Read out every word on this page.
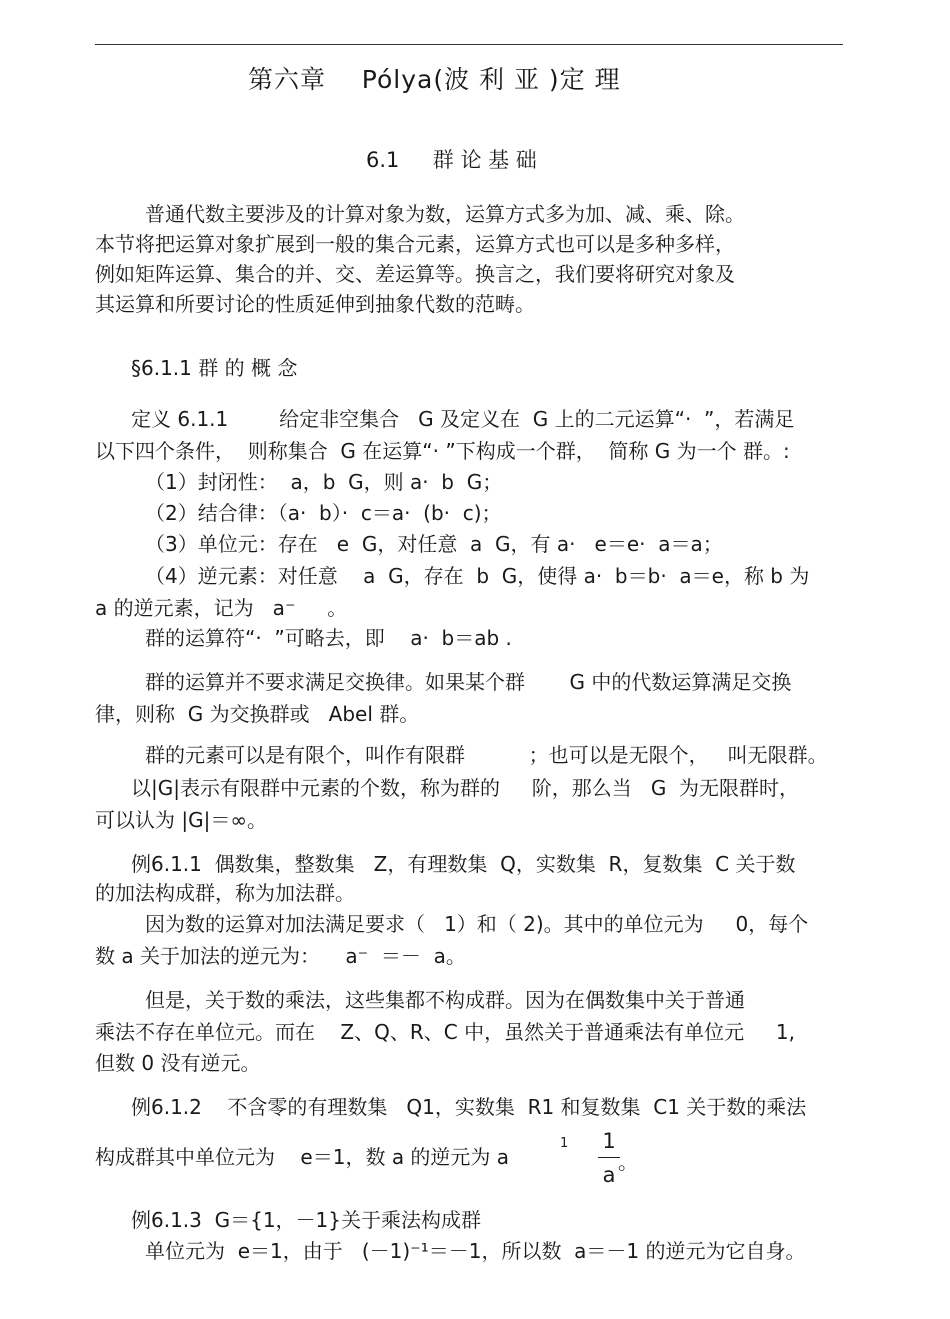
第六章    Pólya(波 利 亚 )定 理
6.1     群 论 基 础
普通代数主要涉及的计算对象为数，运算方式多为加、减、乘、除。
本节将把运算对象扩展到一般的集合元素，运算方式也可以是多种多样，
例如矩阵运算、集合的并、交、差运算等。换言之，我们要将研究对象及
其运算和所要讨论的性质延伸到抽象代数的范畴。
§6.1.1 群 的 概 念
定义 6.1.1        给定非空集合   G 及定义在  G 上的二元运算“·  ”，若满足
以下四个条件，  则称集合  G 在运算“· ”下构成一个群，  简称 G 为一个 群。:
（1）封闭性：  a，b  G，则 a·  b  G；
（2）结合律：（a·  b）·  c＝a·  (b·  c)；
（3）单位元：存在   e  G，对任意  a  G，有 a·   e＝e·  a＝a；
（4）逆元素：对任意    a  G，存在  b  G，使得 a·  b＝b·  a＝e，称 b 为
a 的逆元素，记为   a⁻     。
群的运算符“·  ”可略去，即    a·  b＝ab .
群的运算并不要求满足交换律。如果某个群       G 中的代数运算满足交换
律，则称  G 为交换群或   Abel 群。
群的元素可以是有限个，叫作有限群          ；也可以是无限个，   叫无限群。
以|G|表示有限群中元素的个数，称为群的     阶，那么当   G  为无限群时，
可以认为 |G|＝∞。
例6.1.1  偶数集，整数集   Z，有理数集  Q，实数集  R，复数集  C 关于数
的加法构成群，称为加法群。
因为数的运算对加法满足要求（   1）和（ 2)。其中的单位元为     0，每个
数 a 关于加法的逆元为：    a⁻  ＝－  a。
但是，关于数的乘法，这些集都不构成群。因为在偶数集中关于普通
乘法不存在单位元。而在    Z、Q、R、C 中，虽然关于普通乘法有单位元     1,
但数 0 没有逆元。
例6.1.2    不含零的有理数集   Q1，实数集  R1 和复数集  C1 关于数的乘法
构成群其中单位元为    e＝1，数 a 的逆元为 a
1 1
a
。
例6.1.3  G＝{1，－1}关于乘法构成群
单位元为  e＝1，由于   (－1)⁻¹＝－1，所以数  a＝－1 的逆元为它自身。
